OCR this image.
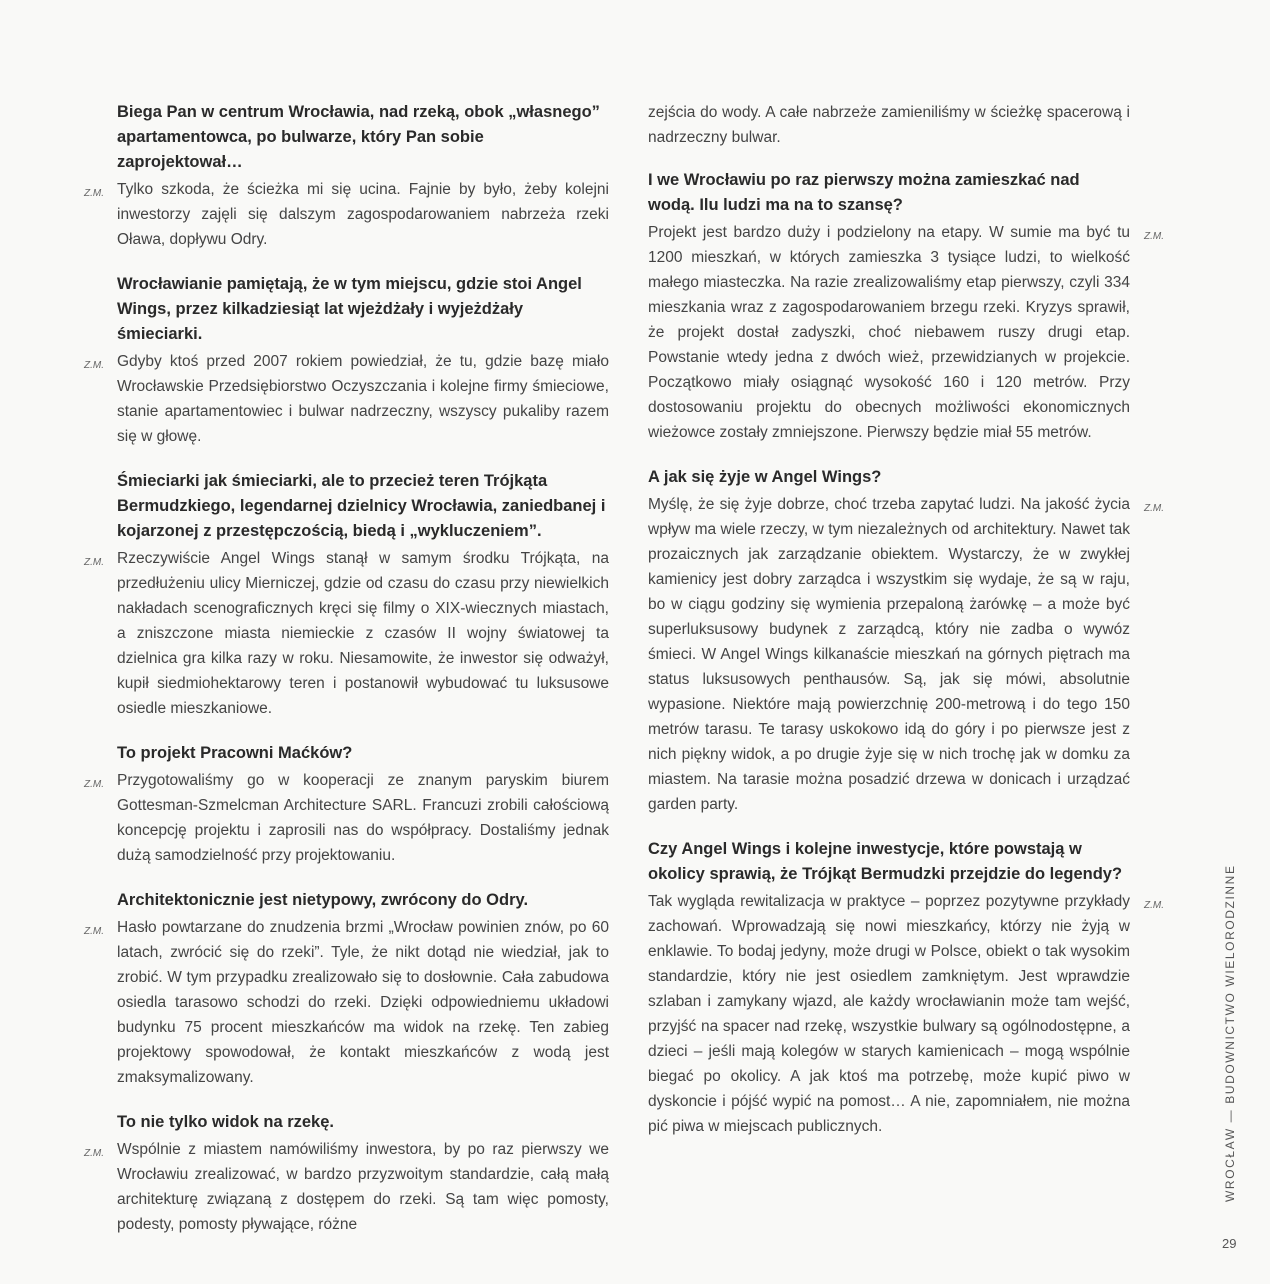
Biega Pan w centrum Wrocławia, nad rzeką, obok „własnego” apartamentowca, po bulwarze, który Pan sobie zaprojektował…

Z.M. Tylko szkoda, że ścieżka mi się ucina. Fajnie by było, żeby kolejni inwestorzy zajęli się dalszym zagospodarowaniem nabrzeża rzeki Oława, dopływu Odry.

Wrocławianie pamiętają, że w tym miejscu, gdzie stoi Angel Wings, przez kilkadziesiąt lat wjeżdżały i wyjeżdżały śmieciarki.

Z.M. Gdyby ktoś przed 2007 rokiem powiedział, że tu, gdzie bazę miało Wrocławskie Przedsiębiorstwo Oczyszczania i kolejne firmy śmieciowe, stanie apartamentowiec i bulwar nadrzeczny, wszyscy pukaliby razem się w głowę.

Śmieciarki jak śmieciarki, ale to przecież teren Trójkąta Bermudzkiego, legendarnej dzielnicy Wrocławia, zaniedbanej i kojarzonej z przestępczością, biedą i „wykluczeniem”.

Z.M. Rzeczywiście Angel Wings stanął w samym środku Trójkąta, na przedłużeniu ulicy Mierniczej, gdzie od czasu do czasu przy niewielkich nakładach scenograficznych kręci się filmy o XIX-wiecznych miastach, a zniszczone miasta niemieckie z czasów II wojny światowej ta dzielnica gra kilka razy w roku. Niesamowite, że inwestor się odważył, kupił siedmiohektarowy teren i postanowił wybudować tu luksusowe osiedle mieszkaniowe.

To projekt Pracowni Maćków?

Z.M. Przygotowaliśmy go w kooperacji ze znanym paryskim biurem Gottesman-Szmelcman Architecture SARL. Francuzi zrobili całościową koncepcję projektu i zaprosili nas do współpracy. Dostaliśmy jednak dużą samodzielność przy projektowaniu.

Architektonicznie jest nietypowy, zwrócony do Odry.

Z.M. Hasło powtarzane do znudzenia brzmi „Wrocław powinien znów, po 60 latach, zwrócić się do rzeki”. Tyle, że nikt dotąd nie wiedział, jak to zrobić. W tym przypadku zrealizowało się to dosłownie. Cała zabudowa osiedla tarasowo schodzi do rzeki. Dzięki odpowiedniemu układowi budynku 75 procent mieszkańców ma widok na rzekę. Ten zabieg projektowy spowodował, że kontakt mieszkańców z wodą jest zmaksymalizowany.

To nie tylko widok na rzekę.

Z.M. Wspólnie z miastem namówiliśmy inwestora, by po raz pierwszy we Wrocławiu zrealizować, w bardzo przyzwoitym standardzie, całą małą architekturę związaną z dostępem do rzeki. Są tam więc pomosty, podesty, pomosty pływające, różne

zejścia do wody. A całe nabrzeże zamieniliśmy w ścieżkę spacerową i nadrzeczny bulwar.

I we Wrocławiu po raz pierwszy można zamieszkać nad wodą. Ilu ludzi ma na to szansę?

Z.M.
Projekt jest bardzo duży i podzielony na etapy. W sumie ma być tu 1200 mieszkań, w których zamieszka 3 tysiące ludzi, to wielkość małego miasteczka. Na razie zrealizowaliśmy etap pierwszy, czyli 334 mieszkania wraz z zagospodarowaniem brzegu rzeki. Kryzys sprawił, że projekt dostał zadyszki, choć niebawem ruszy drugi etap. Powstanie wtedy jedna z dwóch wież, przewidzianych w projekcie. Początkowo miały osiągnąć wysokość 160 i 120 metrów. Przy dostosowaniu projektu do obecnych możliwości ekonomicznych wieżowce zostały zmniejszone. Pierwszy będzie miał 55 metrów.

A jak się żyje w Angel Wings?

Z.M.
Myślę, że się żyje dobrze, choć trzeba zapytać ludzi. Na jakość życia wpływ ma wiele rzeczy, w tym niezależnych od architektury. Nawet tak prozaicznych jak zarządzanie obiektem. Wystarczy, że w zwykłej kamienicy jest dobry zarządca i wszystkim się wydaje, że są w raju, bo w ciągu godziny się wymienia przepaloną żarówkę – a może być superluksusowy budynek z zarządcą, który nie zadba o wywóz śmieci. W Angel Wings kilkanaście mieszkań na górnych piętrach ma status luksusowych penthausów. Są, jak się mówi, absolutnie wypasione. Niektóre mają powierzchnię 200-metrową i do tego 150 metrów tarasu. Te tarasy uskokowo idą do góry i po pierwsze jest z nich piękny widok, a po drugie żyje się w nich trochę jak w domku za miastem. Na tarasie można posadzić drzewa w donicach i urządzać garden party.

Czy Angel Wings i kolejne inwestycje, które powstają w okolicy sprawią, że Trójkąt Bermudzki przejdzie do legendy?

Z.M.
Tak wygląda rewitalizacja w praktyce – poprzez pozytywne przykłady zachowań. Wprowadzają się nowi mieszkańcy, którzy nie żyją w enklawie. To bodaj jedyny, może drugi w Polsce, obiekt o tak wysokim standardzie, który nie jest osiedlem zamkniętym. Jest wprawdzie szlaban i zamykany wjazd, ale każdy wrocławianin może tam wejść, przyjść na spacer nad rzekę, wszystkie bulwary są ogólnodostępne, a dzieci – jeśli mają kolegów w starych kamienicach – mogą wspólnie biegać po okolicy. A jak ktoś ma potrzebę, może kupić piwo w dyskoncie i pójść wypić na pomost… A nie, zapomniałem, nie można pić piwa w miejscach publicznych.	WROCŁAW — BUDOWNICTWO WIELORODZINNE
29
